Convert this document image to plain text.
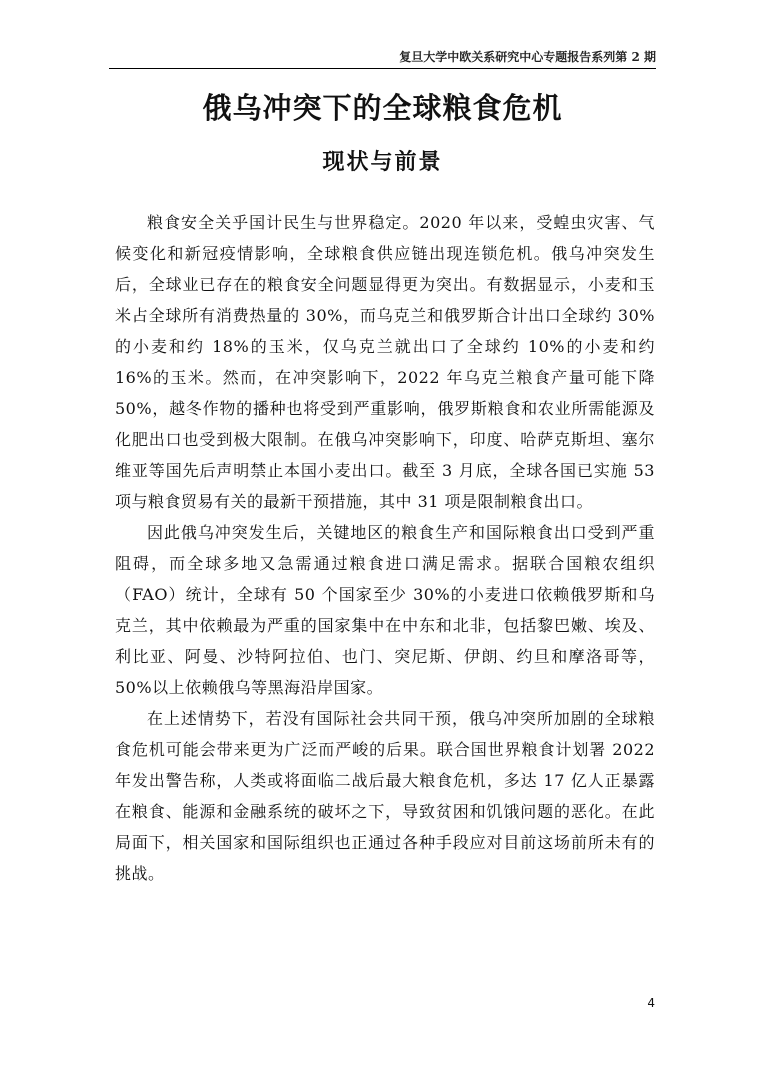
复旦大学中欧关系研究中心专题报告系列第 2 期
俄乌冲突下的全球粮食危机
现状与前景

粮食安全关乎国计民生与世界稳定。2020 年以来，受蝗虫灾害、气候变化和新冠疫情影响，全球粮食供应链出现连锁危机。俄乌冲突发生后，全球业已存在的粮食安全问题显得更为突出。有数据显示，小麦和玉米占全球所有消费热量的 30%，而乌克兰和俄罗斯合计出口全球约 30%的小麦和约 18%的玉米，仅乌克兰就出口了全球约 10%的小麦和约 16%的玉米。然而，在冲突影响下，2022 年乌克兰粮食产量可能下降 50%，越冬作物的播种也将受到严重影响，俄罗斯粮食和农业所需能源及化肥出口也受到极大限制。在俄乌冲突影响下，印度、哈萨克斯坦、塞尔维亚等国先后声明禁止本国小麦出口。截至 3 月底，全球各国已实施 53 项与粮食贸易有关的最新干预措施，其中 31 项是限制粮食出口。

因此俄乌冲突发生后，关键地区的粮食生产和国际粮食出口受到严重阻碍，而全球多地又急需通过粮食进口满足需求。据联合国粮农组织（FAO）统计，全球有 50 个国家至少 30%的小麦进口依赖俄罗斯和乌克兰，其中依赖最为严重的国家集中在中东和北非，包括黎巴嫩、埃及、利比亚、阿曼、沙特阿拉伯、也门、突尼斯、伊朗、约旦和摩洛哥等，50%以上依赖俄乌等黑海沿岸国家。

在上述情势下，若没有国际社会共同干预，俄乌冲突所加剧的全球粮食危机可能会带来更为广泛而严峻的后果。联合国世界粮食计划署 2022 年发出警告称，人类或将面临二战后最大粮食危机，多达 17 亿人正暴露在粮食、能源和金融系统的破坏之下，导致贫困和饥饿问题的恶化。在此局面下，相关国家和国际组织也正通过各种手段应对目前这场前所未有的挑战。

4
